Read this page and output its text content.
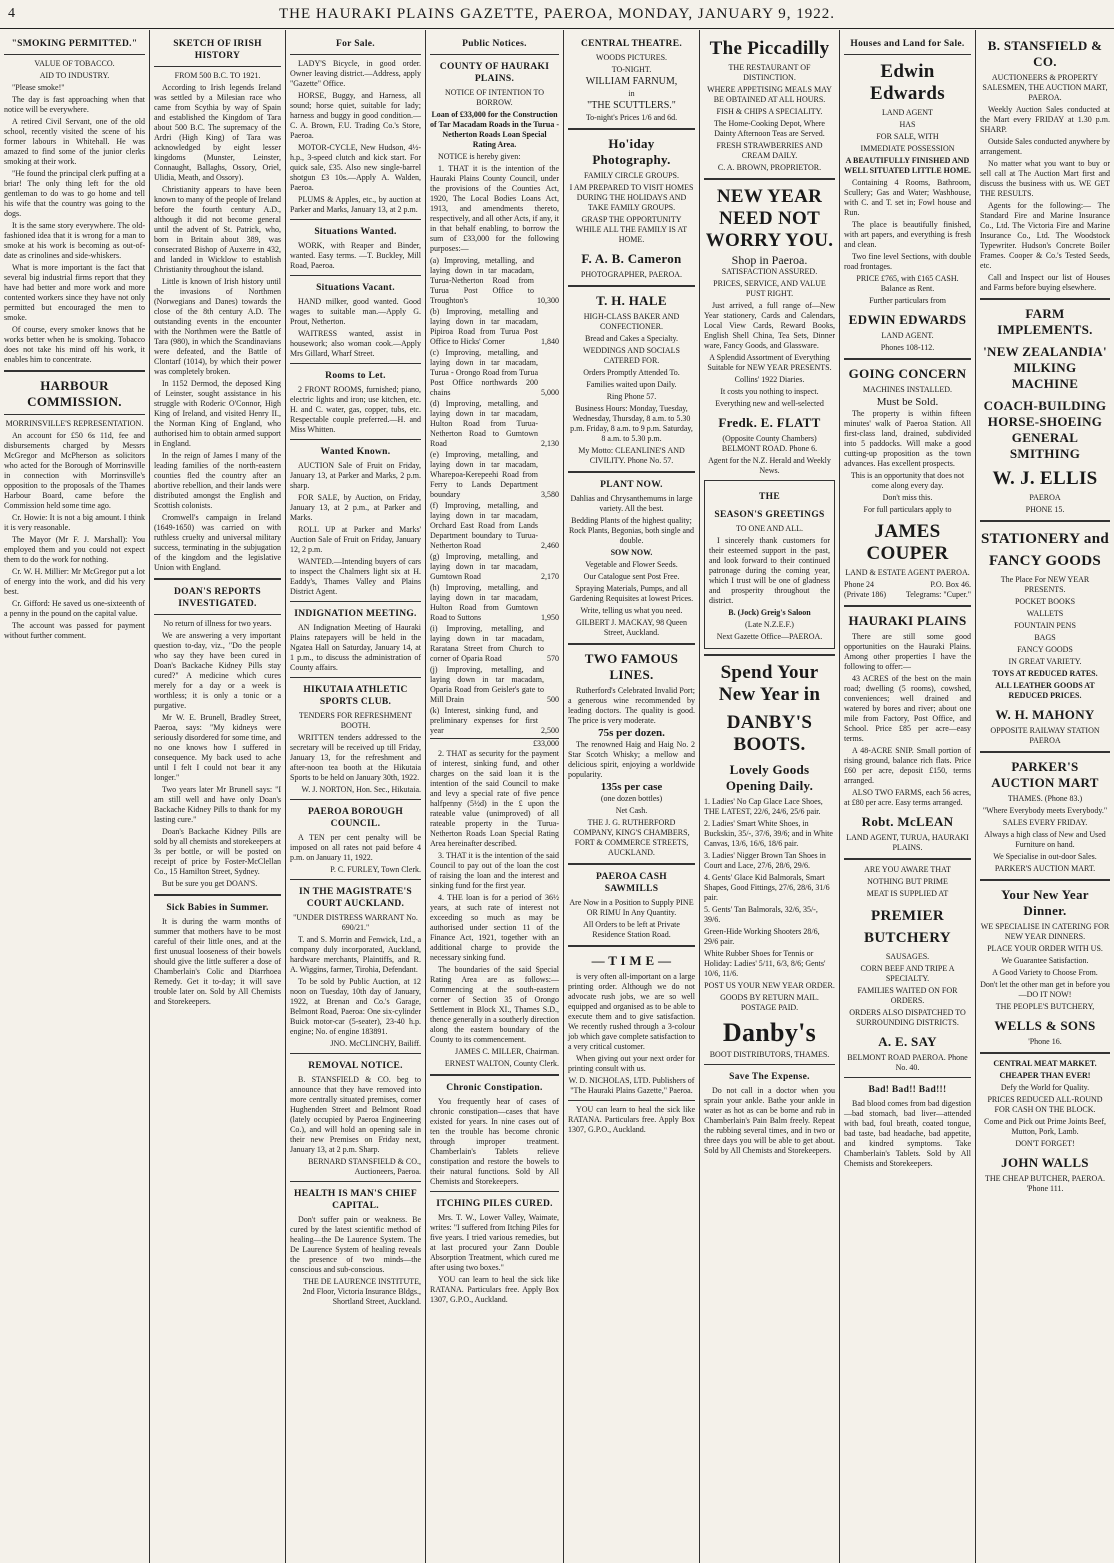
4	THE HAURAKI PLAINS GAZETTE, PAEROA, MONDAY, JANUARY 9, 1922.
"SMOKING PERMITTED."
VALUE OF TOBACCO.
AID TO INDUSTRY.

"Please smoke!"

The day is fast approaching when that notice will be everywhere.

A retired Civil Servant, one of the old school, recently visited the scene of his former labours in Whitehall. He was amazed to find some of the junior clerks smoking at their work.

"He found the principal clerk puffing at a briar! The only thing left for the old gentleman to do was to go home and tell his wife that the country was going to the dogs.

It is the same story everywhere. The old-fashioned idea that it is wrong for a man to smoke at his work is becoming as out-of-date as crinolines and side-whiskers.

What is more important is the fact that several big industrial firms report that they have had better and more work and more contented workers since they have not only permitted but encouraged the men to smoke.

Of course, every smoker knows that he works better when he is smoking. Tobacco does not take his mind off his work, it enables him to concentrate.

HARBOUR COMMISSION.
MORRINSVILLE'S REPRESENTATION.

An account for £50 6s 11d, fee and disbursements charged by Messrs McGregor and McPherson as solicitors who acted for the Borough of Morrinsville in connection with Morrinsville's opposition to the proposals of the Thames Harbour Board, came before the Commission held some time ago.

Cr. Howie: It is not a big amount. I think it is very reasonable.

The Mayor (Mr F. J. Marshall): You employed them and you could not expect them to do the work for nothing.

Cr. W. H. Millier: Mr McGregor put a lot of energy into the work, and did his very best.

Cr. Gifford: He saved us one-sixteenth of a penny in the pound on the capital value.

The account was passed for payment without further comment.

SKETCH OF IRISH HISTORY
FROM 500 B.C. TO 1921.

According to Irish legends Ireland was settled by a Milesian race who came from Scythia by way of Spain and established the Kingdom of Tara about 500 B.C. The supremacy of the Ardri (High King) of Tara was acknowledged by eight lesser kingdoms (Munster, Leinster, Connaught, Ballaghs, Ossory, Oriel, Ulidia, Meath, and Ossory).

Christianity appears to have been known to many of the people of Ireland before the fourth century A.D., although it did not become general until the advent of St. Patrick, who, born in Britain about 389, was consecrated Bishop of Auxerre in 432, and landed in Wicklow to establish Christianity throughout the island.

Little is known of Irish history until the invasions of Northmen (Norwegians and Danes) towards the close of the 8th century A.D. The outstanding events in the encounter with the Northmen were the Battle of Tara (980), in which the Scandinavians were defeated, and the Battle of Clontarf (1014), by which their power was completely broken.

In 1152 Dermod, the deposed King of Leinster, sought assistance in his struggle with Roderic O'Connor, High King of Ireland, and visited Henry II., the Norman King of England, who authorised him to obtain armed support in England.

In the reign of James I many of the leading families of the north-eastern counties fled the country after an abortive rebellion, and their lands were distributed amongst the English and Scottish colonists.

Cromwell's campaign in Ireland (1649-1650) was carried on with ruthless cruelty and universal military success, terminating in the subjugation of the kingdom and the legislative Union with England.

DOAN'S REPORTS INVESTIGATED.
No return of illness for two years.

We are answering a very important question to-day, viz., "Do the people who say they have been cured in Doan's Backache Kidney Pills stay cured?" A medicine which cures merely for a day or a week is worthless; it is only a tonic or a purgative.

Mr W. E. Brunell, Bradley Street, Paeroa, says: "My kidneys were seriously disordered for some time, and no one knows how I suffered in consequence. My back used to ache until I felt I could not bear it any longer."

Two years later Mr Brunell says: "I am still well and have only Doan's Backache Kidney Pills to thank for my lasting cure."

Doan's Backache Kidney Pills are sold by all chemists and storekeepers at 3s per bottle, or will be posted on receipt of price by Foster-McClellan Co., 15 Hamilton Street, Sydney.

But be sure you get DOAN'S.

Sick Babies in Summer.

It is during the warm months of summer that mothers have to be most careful of their little ones, and at the first unusual looseness of their bowels should give the little sufferer a dose of Chamberlain's Colic and Diarrhoea Remedy. Get it to-day; it will save trouble later on. Sold by All Chemists and Storekeepers.

For Sale.

LADY'S Bicycle, in good order. Owner leaving district.—Address, apply "Gazette" Office.

HORSE, Buggy, and Harness, all sound; horse quiet, suitable for lady; harness and buggy in good condition.—C. A. Brown, F.U. Trading Co.'s Store, Paeroa.

MOTOR-CYCLE, New Hudson, 4½-h.p., 3-speed clutch and kick start. For quick sale, £35. Also new single-barrel shotgun £3 10s.—Apply A. Walden, Paeroa.

PLUMS & Apples, etc., by auction at Parker and Marks, January 13, at 2 p.m.

Situations Wanted.

WORK, with Reaper and Binder, wanted. Easy terms. —T. Buckley, Mill Road, Paeroa.

Situations Vacant.

HAND milker, good wanted. Good wages to suitable man.—Apply G. Prout, Netherton.

WAITRESS wanted, assist in housework; also woman cook.—Apply Mrs Gillard, Wharf Street.

Rooms to Let.

2 FRONT ROOMS, furnished; piano, electric lights and iron; use kitchen, etc. H. and C. water, gas, copper, tubs, etc. Respectable couple preferred.—H. and Miss Whitten.

Wanted Known.

AUCTION Sale of Fruit on Friday, January 13, at Parker and Marks, 2 p.m. sharp.

FOR SALE, by Auction, on Friday, January 13, at 2 p.m., at Parker and Marks.

ROLL UP at Parker and Marks' Auction Sale of Fruit on Friday, January 12, 2 p.m.

WANTED.—Intending buyers of cars to inspect the Chalmers light six at H. Eaddy's, Thames Valley and Plains District Agent.

INDIGNATION MEETING.

AN Indignation Meeting of Hauraki Plains ratepayers will be held in the Ngatea Hall on Saturday, January 14, at 1 p.m., to discuss the administration of County affairs.

HIKUTAIA ATHLETIC SPORTS CLUB.
TENDERS FOR REFRESHMENT BOOTH.

WRITTEN tenders addressed to the secretary will be received up till Friday, January 13, for the refreshment and after-noon tea booth at the Hikutaia Sports to be held on January 30th, 1922.

W. J. NORTON, Hon. Sec., Hikutaia.
PAEROA BOROUGH COUNCIL.

A TEN per cent penalty will be imposed on all rates not paid before 4 p.m. on January 11, 1922.

P. C. FURLEY, Town Clerk.
IN THE MAGISTRATE'S COURT AUCKLAND.
"UNDER DISTRESS WARRANT No. 690/21."

T. and S. Morrin and Fenwick, Ltd., a company duly incorporated, Auckland, hardware merchants, Plaintiffs, and R. A. Wiggins, farmer, Tirohia, Defendant.

To be sold by Public Auction, at 12 noon on Tuesday, 10th day of January, 1922, at Brenan and Co.'s Garage, Belmont Road, Paeroa: One six-cylinder Buick motor-car (5-seater), 23-40 h.p. engine; No. of engine 183891.

JNO. McCLINCHY, Bailiff.
REMOVAL NOTICE.

B. STANSFIELD & CO. beg to announce that they have removed into more centrally situated premises, corner Hughenden Street and Belmont Road (lately occupied by Paeroa Engineering Co.), and will hold an opening sale in their new Premises on Friday next, January 13, at 2 p.m. Sharp.

BERNARD STANSFIELD & CO., Auctioneers, Paeroa.
HEALTH IS MAN'S CHIEF CAPITAL.

Don't suffer pain or weakness. Be cured by the latest scientific method of healing—the De Laurence System. The De Laurence System of healing reveals the presence of two minds—the conscious and sub-conscious.

THE DE LAURENCE INSTITUTE, 2nd Floor, Victoria Insurance Bldgs., Shortland Street, Auckland.
Public Notices.
COUNTY OF HAURAKI PLAINS.
NOTICE OF INTENTION TO BORROW.
Loan of £33,000 for the Construction of Tar Macadam Roads in the Turua - Netherton Roads Loan Special Rating Area.

NOTICE is hereby given:

1. THAT it is the intention of the Hauraki Plains County Council, under the provisions of the Counties Act, 1920, The Local Bodies Loans Act, 1913, and amendments thereto, respectively, and all other Acts, if any, it in that behalf enabling, to borrow the sum of £33,000 for the following purposes:—

(a) Improving, metalling, and laying down in tar macadam, Turua-Netherton Road from Turua Post Office to Troughton's	10,300
(b) Improving, metalling and laying down in tar macadam, Pipiroa Road from Turua Post Office to Hicks' Corner	1,840
(c) Improving, metalling, and laying down in tar macadam, Turua - Orongo Road from Turua Post Office northwards 200 chains	5,000
(d) Improving, metalling, and laying down in tar macadam, Hulton Road from Turua-Netherton Road to Gumtown Road	2,130
(e) Improving, metalling, and laying down in tar macadam, Wharepoa-Kerepeehi Road from Ferry to Lands Department boundary	3,580
(f) Improving, metalling, and laying down in tar macadam, Orchard East Road from Lands Department boundary to Turua-Netherton Road	2,460
(g) Improving, metalling, and laying down in tar macadam, Gumtown Road	2,170
(h) Improving, metalling, and laying down in tar macadam, Hulton Road from Gumtown Road to Suttons	1,950
(i) Improving, metalling, and laying down in tar macadam, Raratana Street from Church to corner of Oparia Road	570
(j) Improving, metalling, and laying down in tar macadam, Oparia Road from Geisler's gate to Mill Drain	500
(k) Interest, sinking fund, and preliminary expenses for first year	2,500
£33,000

2. THAT as security for the payment of interest, sinking fund, and other charges on the said loan it is the intention of the said Council to make and levy a special rate of five pence halfpenny (5½d) in the £ upon the rateable value (unimproved) of all rateable property in the Turua-Netherton Roads Loan Special Rating Area hereinafter described.

3. THAT it is the intention of the said Council to pay out of the loan the cost of raising the loan and the interest and sinking fund for the first year.

4. THE loan is for a period of 36½ years, at such rate of interest not exceeding so much as may be authorised under section 11 of the Finance Act, 1921, together with an additional charge to provide the necessary sinking fund.

The boundaries of the said Special Rating Area are as follows:—Commencing at the south-eastern corner of Section 35 of Orongo Settlement in Block XI., Thames S.D., thence generally in a southerly direction along the eastern boundary of the County to its commencement.

JAMES C. MILLER, Chairman.
ERNEST WALTON, County Clerk.
Chronic Constipation.

You frequently hear of cases of chronic constipation—cases that have existed for years. In nine cases out of ten the trouble has become chronic through improper treatment. Chamberlain's Tablets relieve constipation and restore the bowels to their natural functions. Sold by All Chemists and Storekeepers.

ITCHING PILES CURED.

Mrs. T. W., Lower Valley, Waimate, writes: "I suffered from Itching Piles for five years. I tried various remedies, but at last procured your Zann Double Absorption Treatment, which cured me after using two boxes."

YOU can learn to heal the sick like RATANA. Particulars free. Apply Box 1307, G.P.O., Auckland.

CENTRAL THEATRE.
WOODS PICTURES.
TO-NIGHT.
WILLIAM FARNUM,
in
"THE SCUTTLERS."
To-night's Prices 1/6 and 6d.
Ho'iday Photography.
FAMILY CIRCLE GROUPS.
I AM PREPARED TO VISIT HOMES DURING THE HOLIDAYS AND TAKE FAMILY GROUPS.
GRASP THE OPPORTUNITY WHILE ALL THE FAMILY IS AT HOME.
F. A. B. Cameron
PHOTOGRAPHER, PAEROA.
T. H. HALE
HIGH-CLASS BAKER AND CONFECTIONER.
Bread and Cakes a Specialty.
WEDDINGS AND SOCIALS CATERED FOR.
Orders Promptly Attended To.
Families waited upon Daily.
Ring Phone 57.
Business Hours: Monday, Tuesday, Wednesday, Thursday, 8 a.m. to 5.30 p.m. Friday, 8 a.m. to 9 p.m. Saturday, 8 a.m. to 5.30 p.m.
My Motto: CLEANLINE'S AND CIVILITY. Phone No. 57.
PLANT NOW.
Dahlias and Chrysanthemums in large variety. All the best.
Bedding Plants of the highest quality; Rock Plants, Begonias, both single and double.
SOW NOW.
Vegetable and Flower Seeds.
Our Catalogue sent Post Free.
Spraying Materials, Pumps, and all Gardening Requisites at lowest Prices.
Write, telling us what you need.
GILBERT J. MACKAY, 98 Queen Street, Auckland.
TWO FAMOUS LINES.

Rutherford's Celebrated Invalid Port; a generous wine recommended by leading doctors. The quality is good. The price is very moderate.

75s per dozen.

The renowned Haig and Haig No. 2 Star Scotch Whisky; a mellow and delicious spirit, enjoying a worldwide popularity.

135s per case
(one dozen bottles)
Net Cash.
THE J. G. RUTHERFORD COMPANY, KING'S CHAMBERS, FORT & COMMERCE STREETS, AUCKLAND.
PAEROA CASH SAWMILLS
Are Now in a Position to Supply PINE OR RIMU In Any Quantity.
All Orders to be left at Private Residence Station Road.
— T I M E —

is very often all-important on a large printing order. Although we do not advocate rush jobs, we are so well equipped and organised as to be able to execute them and to give satisfaction. We recently rushed through a 3-colour job which gave complete satisfaction to a very critical customer.

When giving out your next order for printing consult with us.

W. D. NICHOLAS, LTD. Publishers of "The Hauraki Plains Gazette," Paeroa.

YOU can learn to heal the sick like RATANA. Particulars free. Apply Box 1307, G.P.O., Auckland.

The Piccadilly
THE RESTAURANT OF DISTINCTION.
WHERE APPETISING MEALS MAY BE OBTAINED AT ALL HOURS.
FISH & CHIPS A SPECIALITY.
The Home-Cooking Depot, Where Dainty Afternoon Teas are Served.
FRESH STRAWBERRIES AND CREAM DAILY.
C. A. BROWN, PROPRIETOR.
NEW YEAR NEED NOT WORRY YOU.
Shop in Paeroa.
SATISFACTION ASSURED.
PRICES, SERVICE, AND VALUE PUST RIGHT.

Just arrived, a full range of—New Year stationery, Cards and Calendars, Local View Cards, Reward Books, English Shell China, Tea Sets, Dinner ware, Fancy Goods, and Glassware.

A Splendid Assortment of Everything Suitable for NEW YEAR PRESENTS.
Collins' 1922 Diaries.
It costs you nothing to inspect.
Everything new and well-selected
Fredk. E. FLATT
(Opposite County Chambers) BELMONT ROAD. Phone 6.
Agent for the N.Z. Herald and Weekly News.
THE
SEASON'S GREETINGS
TO ONE AND ALL.

I sincerely thank customers for their esteemed support in the past, and look forward to their continued patronage during the coming year, which I trust will be one of gladness and prosperity throughout the district.

B. (Jock) Greig's Saloon
(Late N.Z.E.F.)
Next Gazette Office—PAEROA.
Spend Your New Year in
DANBY'S BOOTS.
Lovely Goods Opening Daily.
1. Ladies' No Cap Glace Lace Shoes, THE LATEST, 22/6, 24/6, 25/6 pair.
2. Ladies' Smart White Shoes, in Buckskin, 35/-, 37/6, 39/6; and in White Canvas, 13/6, 16/6, 18/6 pair.
3. Ladies' Nigger Brown Tan Shoes in Court and Lace, 27/6, 28/6, 29/6.
4. Gents' Glace Kid Balmorals, Smart Shapes, Good Fittings, 27/6, 28/6, 31/6 pair.
5. Gents' Tan Balmorals, 32/6, 35/-, 39/6.
Green-Hide Working Shooters 28/6, 29/6 pair.
White Rubber Shoes for Tennis or Holiday: Ladies' 5/11, 6/3, 8/6; Gents' 10/6, 11/6.
POST US YOUR NEW YEAR ORDER.
GOODS BY RETURN MAIL. POSTAGE PAID.
Danby's
BOOT DISTRIBUTORS, THAMES.
Save The Expense.

Do not call in a doctor when you sprain your ankle. Bathe your ankle in water as hot as can be borne and rub in Chamberlain's Pain Balm freely. Repeat the rubbing several times, and in two or three days you will be able to get about. Sold by All Chemists and Storekeepers.

Houses and Land for Sale.
Edwin Edwards
LAND AGENT
HAS
FOR SALE, WITH
IMMEDIATE POSSESSION
A BEAUTIFULLY FINISHED AND WELL SITUATED LITTLE HOME.

Containing 4 Rooms, Bathroom, Scullery; Gas and Water; Washhouse, with C. and T. set in; Fowl house and Run.

The place is beautifully finished, with art papers, and everything is fresh and clean.

Two fine level Sections, with double road frontages.

PRICE £765, with £165 CASH. Balance as Rent.
Further particulars from
EDWIN EDWARDS
LAND AGENT.
Phones 108-112.
GOING CONCERN
MACHINES INSTALLED.
Must be Sold.

The property is within fifteen minutes' walk of Paeroa Station. All first-class land, drained, subdivided into 5 paddocks. Will make a good cutting-up proposition as the town advances. Has excellent prospects.

This is an opportunity that does not come along every day.
Don't miss this.
For full particulars apply to
JAMES COUPER
LAND & ESTATE AGENT PAEROA.
Phone 24	P.O. Box 46.
(Private 186) Telegrams: "Cuper."
HAURAKI PLAINS

There are still some good opportunities on the Hauraki Plains. Among other properties I have the following to offer:—

43 ACRES of the best on the main road; dwelling (5 rooms), cowshed, conveniences; well drained and watered by bores and river; about one mile from Factory, Post Office, and School. Price £85 per acre—easy terms.

A 48-ACRE SNIP. Small portion of rising ground, balance rich flats. Price £60 per acre, deposit £150, terms arranged.

ALSO TWO FARMS, each 56 acres, at £80 per acre. Easy terms arranged.

Robt. McLEAN
LAND AGENT, TURUA, HAURAKI PLAINS.
ARE YOU AWARE THAT
NOTHING BUT PRIME
MEAT IS SUPPLIED AT
PREMIER BUTCHERY
SAUSAGES.
CORN BEEF AND TRIPE A SPECIALTY.
FAMILIES WAITED ON FOR ORDERS.
ORDERS ALSO DISPATCHED TO SURROUNDING DISTRICTS.
A. E. SAY
BELMONT ROAD PAEROA. Phone No. 40.
Bad! Bad!! Bad!!!

Bad blood comes from bad digestion—bad stomach, bad liver—attended with bad, foul breath, coated tongue, bad taste, bad headache, bad appetite, and kindred symptoms. Take Chamberlain's Tablets. Sold by All Chemists and Storekeepers.

B. STANSFIELD & CO.
AUCTIONEERS & PROPERTY SALESMEN, THE AUCTION MART, PAEROA.

Weekly Auction Sales conducted at the Mart every FRIDAY at 1.30 p.m. SHARP.

Outside Sales conducted anywhere by arrangement.

No matter what you want to buy or sell call at The Auction Mart first and discuss the business with us. WE GET THE RESULTS.

Agents for the following:— The Standard Fire and Marine Insurance Co., Ltd. The Victoria Fire and Marine Insurance Co., Ltd. The Woodstock Typewriter. Hudson's Concrete Boiler Frames. Cooper & Co.'s Tested Seeds, etc.

Call and Inspect our list of Houses and Farms before buying elsewhere.

FARM IMPLEMENTS.
'NEW ZEALANDIA' MILKING MACHINE
COACH-BUILDING HORSE-SHOEING GENERAL SMITHING
W. J. ELLIS
PAEROA
PHONE 15.
STATIONERY and FANCY GOODS
The Place For NEW YEAR PRESENTS.
POCKET BOOKS
WALLETS
FOUNTAIN PENS
BAGS
FANCY GOODS
IN GREAT VARIETY.
TOYS AT REDUCED RATES.
ALL LEATHER GOODS AT REDUCED PRICES.
W. H. MAHONY
OPPOSITE RAILWAY STATION PAEROA
PARKER'S AUCTION MART
THAMES. (Phone 83.)
"Where Everybody meets Everybody."
SALES EVERY FRIDAY.
Always a high class of New and Used Furniture on hand.
We Specialise in out-door Sales.
PARKER'S AUCTION MART.
Your New Year Dinner.
WE SPECIALISE IN CATERING FOR NEW YEAR DINNERS.
PLACE YOUR ORDER WITH US.
We Guarantee Satisfaction.
A Good Variety to Choose From.
Don't let the other man get in before you—DO IT NOW!
THE PEOPLE'S BUTCHERY,
WELLS & SONS
'Phone 16.
CENTRAL MEAT MARKET.
CHEAPER THAN EVER!
Defy the World for Quality.
PRICES REDUCED ALL-ROUND FOR CASH ON THE BLOCK.
Come and Pick out Prime Joints Beef, Mutton, Pork, Lamb.
DON'T FORGET!
JOHN WALLS
THE CHEAP BUTCHER, PAEROA. 'Phone 111.
